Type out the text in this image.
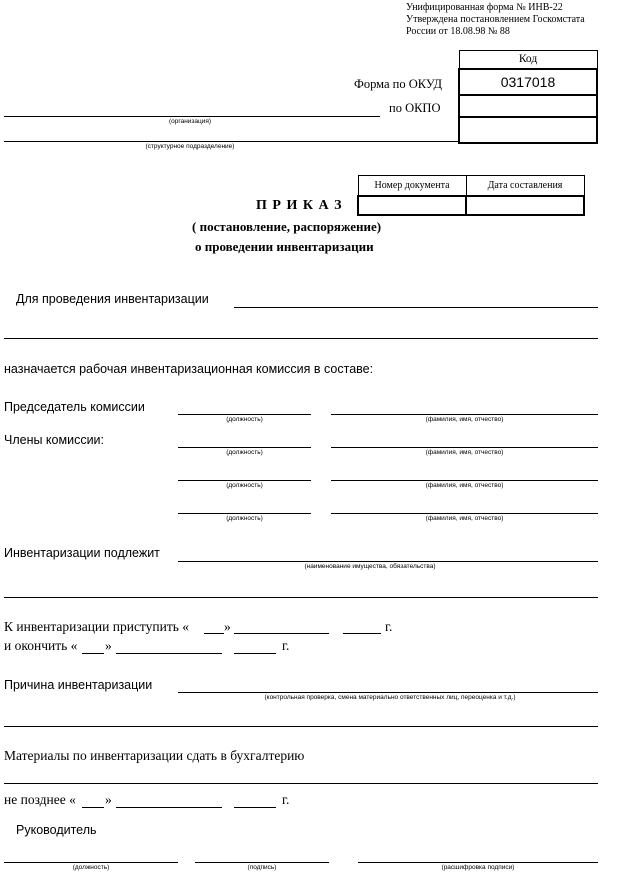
Унифицированная форма № ИНВ-22
Утверждена постановлением Госкомстата
России от 18.08.98 № 88
Код
0317018

Форма по ОКУД
по ОКПО
(организация)
(структурное подразделение)
Номер документа	Дата составления

П Р И К А З
( постановление, распоряжение)
о проведении инвентаризации
Для проведения инвентаризации
назначается рабочая инвентаризационная комиссия в составе:
Председатель комиссии
(должность)	(фамилия, имя, отчество)
Члены комиссии:
(должность)	(фамилия, имя, отчество)
(должность)	(фамилия, имя, отчество)
(должность)	(фамилия, имя, отчество)
Инвентаризации подлежит
(наименование имущества, обязательства)
К инвентаризации приступить «	»	г.
и окончить « »	г.
Причина инвентаризации
(контрольная проверка, смена материально ответственных лиц, переоценка и т.д.)
Материалы по инвентаризации сдать в бухгалтерию
не позднее « »	г.
Руководитель
(должность)	(подпись)	(расшифровка подписи)
